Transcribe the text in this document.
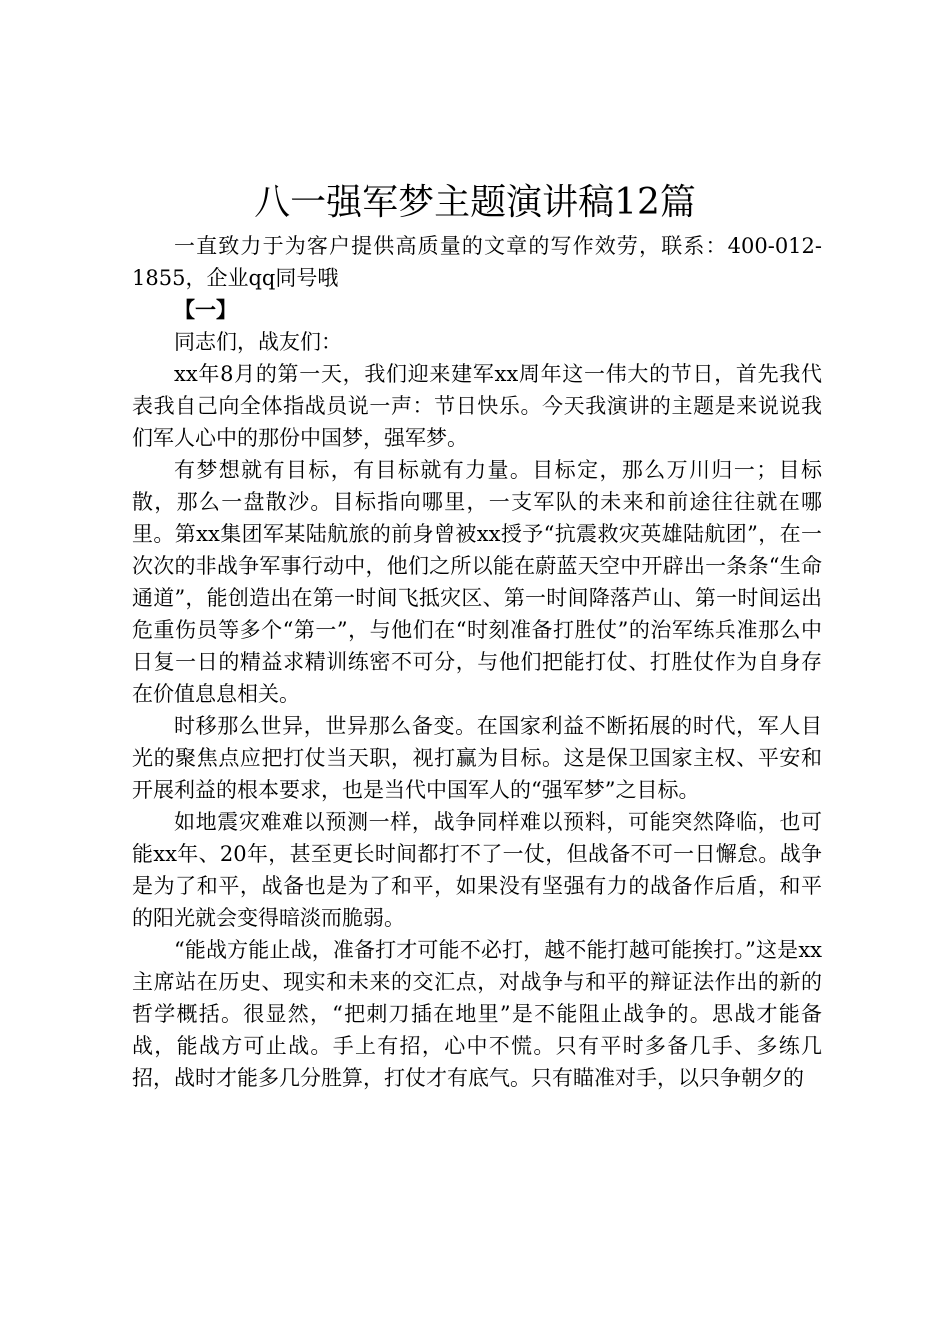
八一强军梦主题演讲稿12篇

一直致力于为客户提供高质量的文章的写作效劳，联系：400-012-1855，企业qq同号哦

【一】

同志们，战友们：

xx年8月的第一天，我们迎来建军xx周年这一伟大的节日，首先我代表我自己向全体指战员说一声：节日快乐。今天我演讲的主题是来说说我们军人心中的那份中国梦，强军梦。

有梦想就有目标，有目标就有力量。目标定，那么万川归一；目标散，那么一盘散沙。目标指向哪里，一支军队的未来和前途往往就在哪里。第xx集团军某陆航旅的前身曾被xx授予“抗震救灾英雄陆航团”，在一次次的非战争军事行动中，他们之所以能在蔚蓝天空中开辟出一条条“生命通道”，能创造出在第一时间飞抵灾区、第一时间降落芦山、第一时间运出危重伤员等多个“第一”，与他们在“时刻准备打胜仗”的治军练兵准那么中日复一日的精益求精训练密不可分，与他们把能打仗、打胜仗作为自身存在价值息息相关。

时移那么世异，世异那么备变。在国家利益不断拓展的时代，军人目光的聚焦点应把打仗当天职，视打赢为目标。这是保卫国家主权、平安和开展利益的根本要求，也是当代中国军人的“强军梦”之目标。

如地震灾难难以预测一样，战争同样难以预料，可能突然降临，也可能xx年、20年，甚至更长时间都打不了一仗，但战备不可一日懈怠。战争是为了和平，战备也是为了和平，如果没有坚强有力的战备作后盾，和平的阳光就会变得暗淡而脆弱。

“能战方能止战，准备打才可能不必打，越不能打越可能挨打。”这是xx主席站在历史、现实和未来的交汇点，对战争与和平的辩证法作出的新的哲学概括。很显然，“把刺刀插在地里”是不能阻止战争的。思战才能备战，能战方可止战。手上有招，心中不慌。只有平时多备几手、多练几招，战时才能多几分胜算，打仗才有底气。只有瞄准对手，以只争朝夕的
